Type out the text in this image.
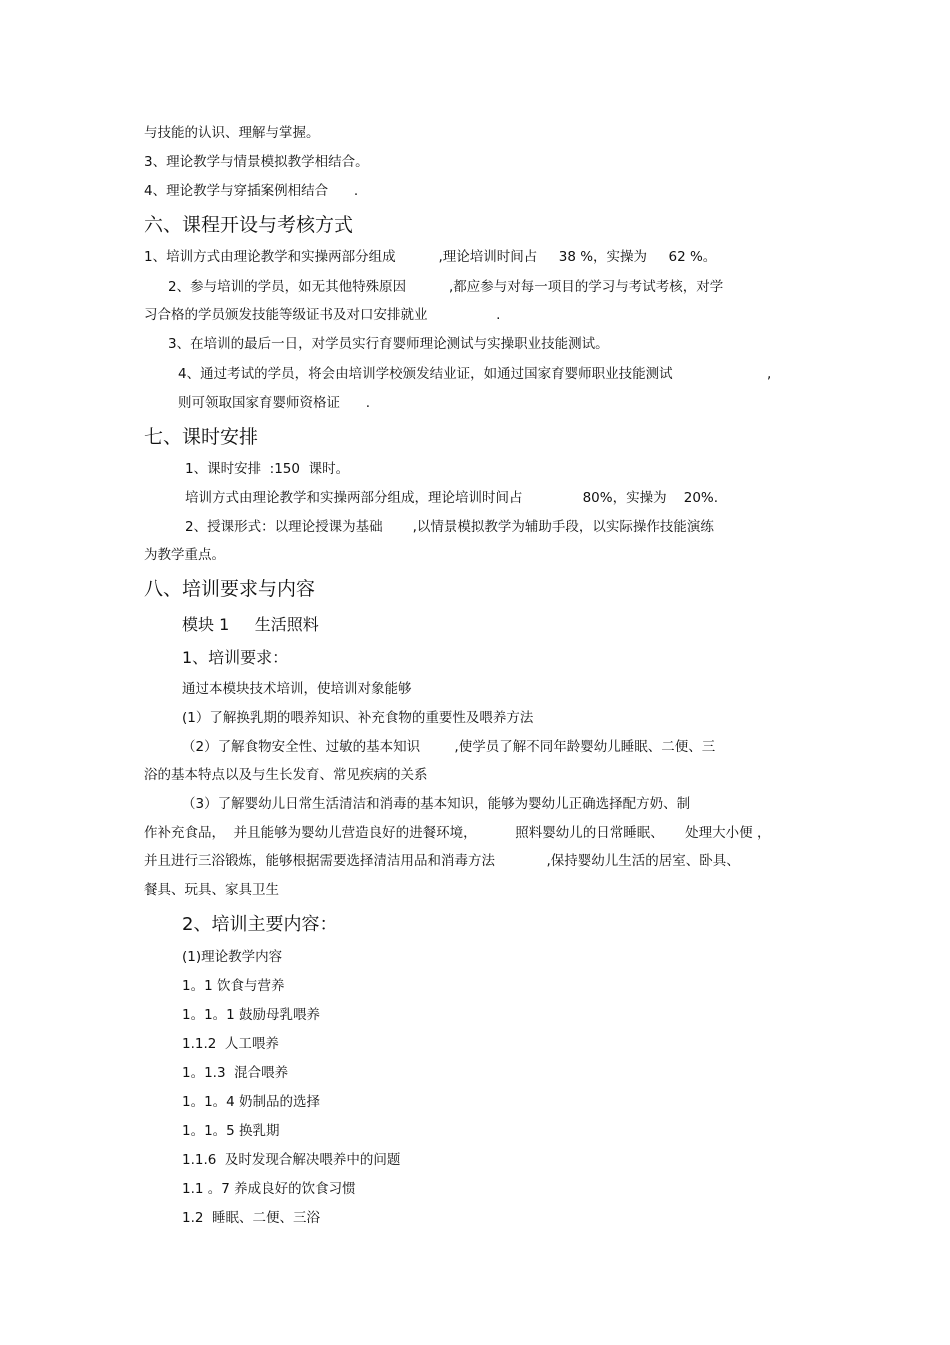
与技能的认识、理解与掌握。
3、理论教学与情景模拟教学相结合。
4、理论教学与穿插案例相结合      .
六、课程开设与考核方式
1、培训方式由理论教学和实操两部分组成          ,理论培训时间占     38 %，实操为     62 %。
2、参与培训的学员，如无其他特殊原因          ,都应参与对每一项目的学习与考试考核，对学
习合格的学员颁发技能等级证书及对口安排就业                .
3、在培训的最后一日，对学员实行育婴师理论测试与实操职业技能测试。
4、通过考试的学员，将会由培训学校颁发结业证，如通过国家育婴师职业技能测试                      ,
则可领取国家育婴师资格证      .
七、课时安排
1、课时安排  :150  课时。
培训方式由理论教学和实操两部分组成，理论培训时间占              80%，实操为    20%.
2、授课形式：以理论授课为基础       ,以情景模拟教学为辅助手段，以实际操作技能演练
为教学重点。
八、培训要求与内容
模块 1     生活照料
1、培训要求：
通过本模块技术培训，使培训对象能够
(1）了解换乳期的喂养知识、补充食物的重要性及喂养方法
（2）了解食物安全性、过敏的基本知识        ,使学员了解不同年龄婴幼儿睡眠、二便、三
浴的基本特点以及与生长发育、常见疾病的关系
（3）了解婴幼儿日常生活清洁和消毒的基本知识，能够为婴幼儿正确选择配方奶、制
作补充食品，  并且能够为婴幼儿营造良好的进餐环境，         照料婴幼儿的日常睡眠、     处理大小便 ，
并且进行三浴锻炼，能够根据需要选择清洁用品和消毒方法            ,保持婴幼儿生活的居室、卧具、
餐具、玩具、家具卫生
2、培训主要内容：
(1)理论教学内容
1。1 饮食与营养
1。1。1 鼓励母乳喂养
1.1.2  人工喂养
1。1.3  混合喂养
1。1。4 奶制品的选择
1。1。5 换乳期
1.1.6  及时发现合解决喂养中的问题
1.1 。7 养成良好的饮食习惯
1.2  睡眠、二便、三浴
